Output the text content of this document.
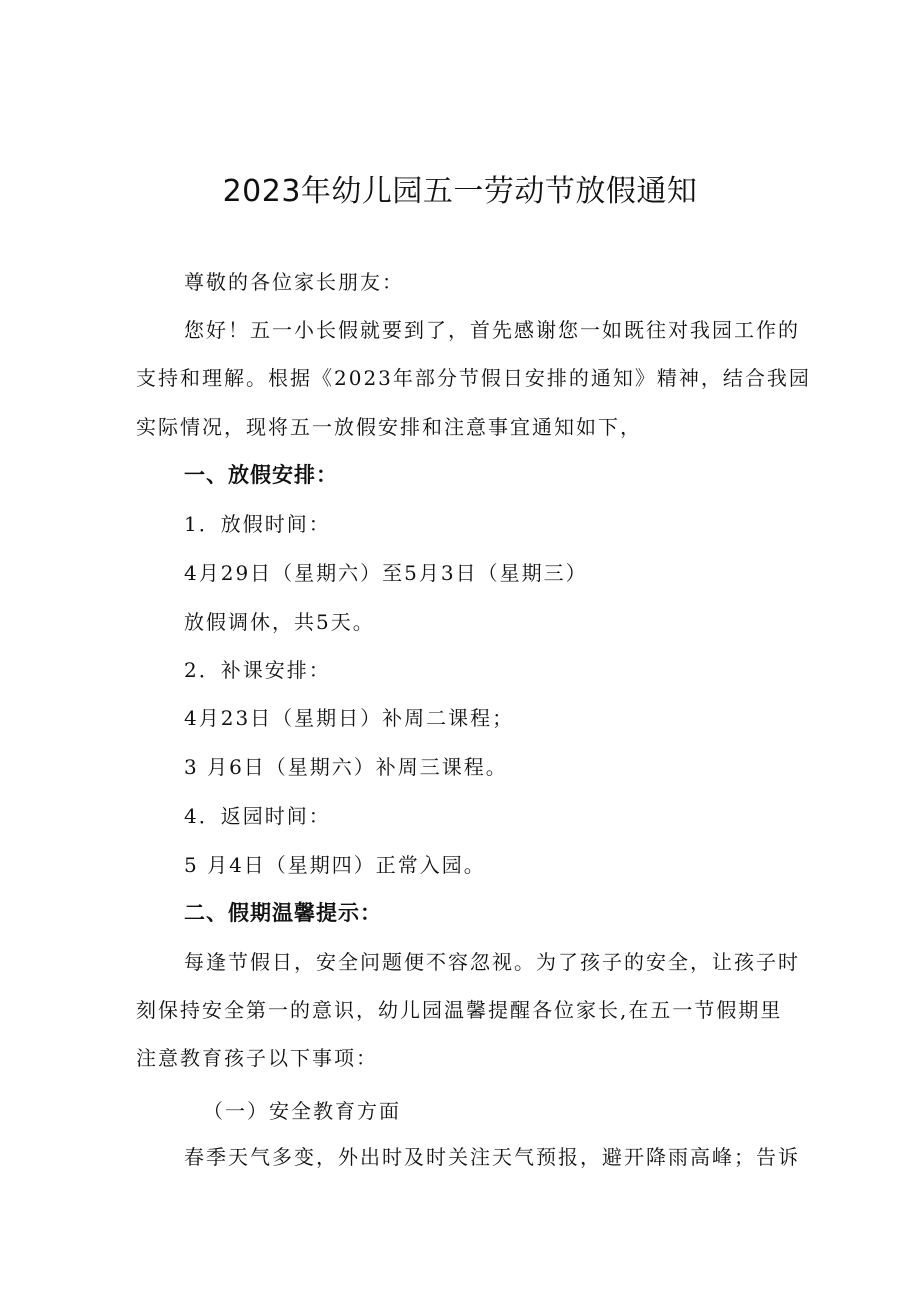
2023年幼儿园五一劳动节放假通知

尊敬的各位家长朋友：

您好！五一小长假就要到了，首先感谢您一如既往对我园工作的

支持和理解。根据《2023年部分节假日安排的通知》精神，结合我园

实际情况，现将五一放假安排和注意事宜通知如下，

一、放假安排：

1．放假时间：

4月29日（星期六）至5月3日（星期三）

放假调休，共5天。

2．补课安排：

4月23日（星期日）补周二课程；

3 月6日（星期六）补周三课程。

4．返园时间：

5 月4日（星期四）正常入园。

二、假期温馨提示：

每逢节假日，安全问题便不容忽视。为了孩子的安全，让孩子时

刻保持安全第一的意识，幼儿园温馨提醒各位家长,在五一节假期里

注意教育孩子以下事项：

（一）安全教育方面

春季天气多变，外出时及时关注天气预报，避开降雨高峰；告诉
